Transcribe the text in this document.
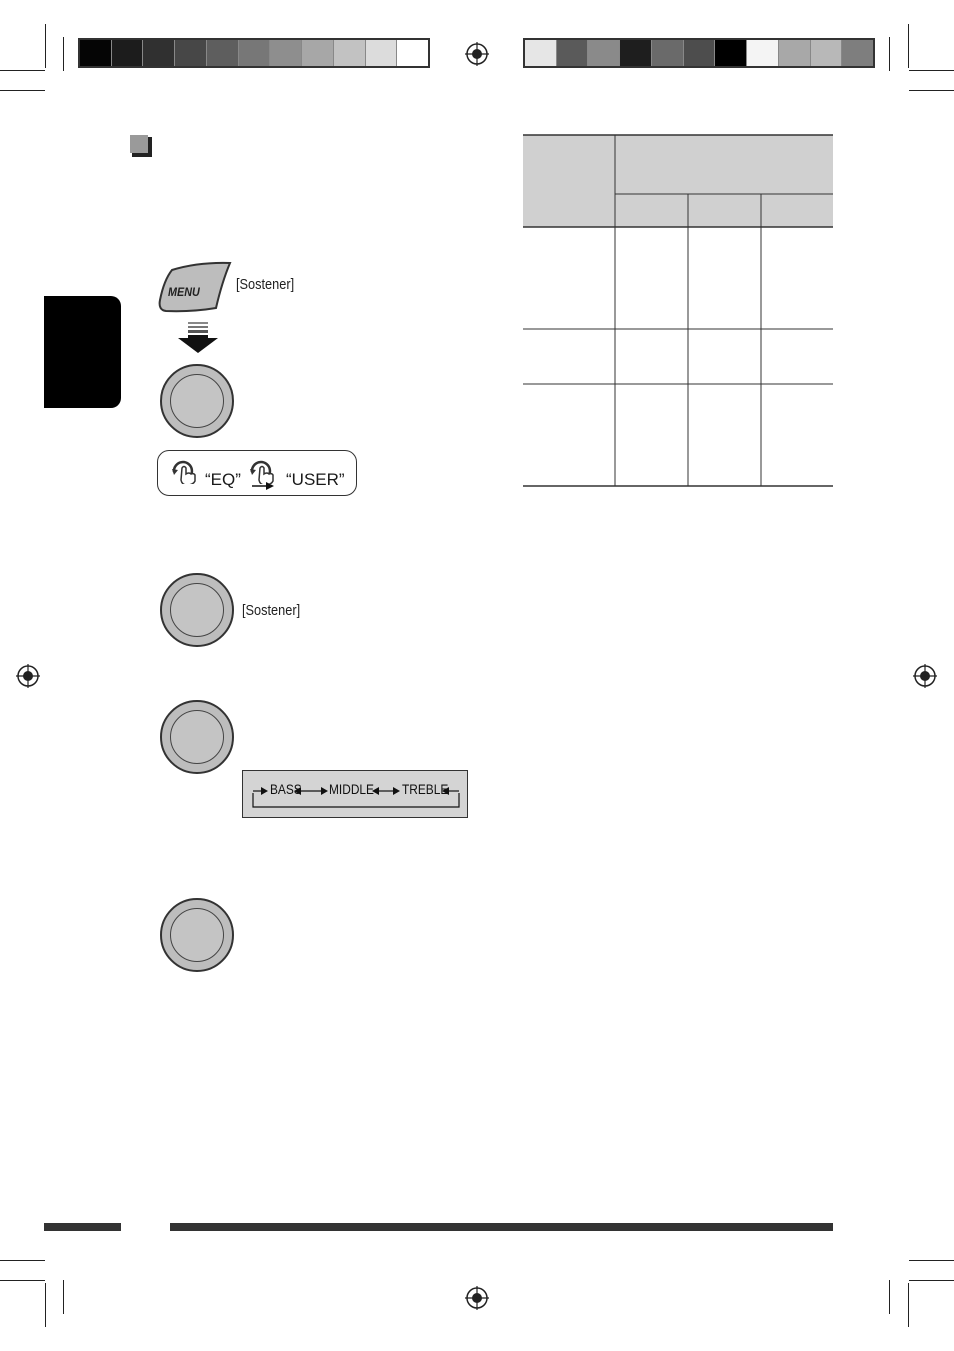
MENU [Sostener]
“EQ”	“USER”
[Sostener]
BASS MIDDLE TREBLE
